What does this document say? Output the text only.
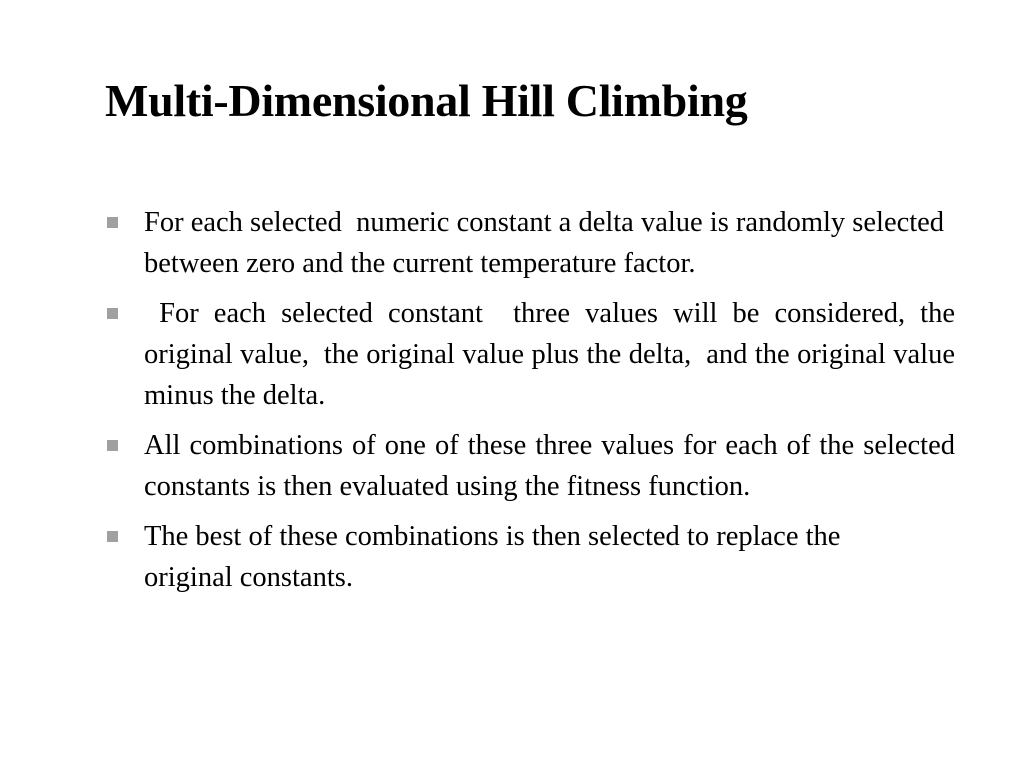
Multi-Dimensional Hill Climbing
For each selected  numeric constant a delta value is randomly selected between zero and the current temperature factor.
For each selected constant  three values will be considered, the original value,  the original value plus the delta,  and the original value minus the delta.
All combinations of one of these three values for each of the selected constants is then evaluated using the fitness function.
The best of these combinations is then selected to replace the original constants.
